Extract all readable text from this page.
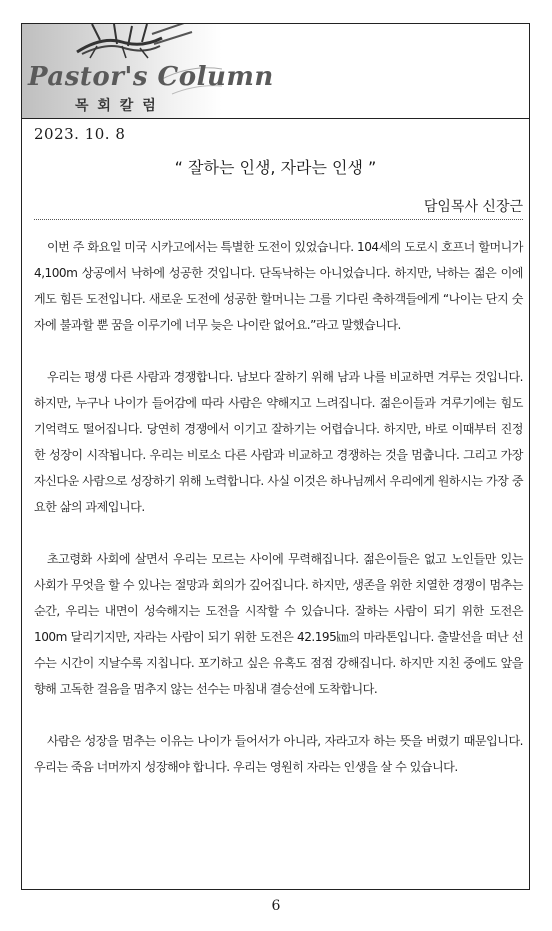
Pastor's Column
목 회 칼 럼
2023. 10. 8
“ 잘하는 인생, 자라는 인생 ”
담임목사 신장근

이번 주 화요일 미국 시카고에서는 특별한 도전이 있었습니다. 104세의 도로시 호프너 할머니가 4,100m 상공에서 낙하에 성공한 것입니다. 단독낙하는 아니었습니다. 하지만, 낙하는 젊은 이에게도 힘든 도전입니다. 새로운 도전에 성공한 할머니는 그를 기다린 축하객들에게 “나이는 단지 숫자에 불과할 뿐 꿈을 이루기에 너무 늦은 나이란 없어요.”라고 말했습니다.

우리는 평생 다른 사람과 경쟁합니다. 남보다 잘하기 위해 남과 나를 비교하면 겨루는 것입니다. 하지만, 누구나 나이가 들어감에 따라 사람은 약해지고 느려집니다. 젊은이들과 겨루기에는 힘도 기억력도 떨어집니다. 당연히 경쟁에서 이기고 잘하기는 어렵습니다. 하지만, 바로 이때부터 진정한 성장이 시작됩니다. 우리는 비로소 다른 사람과 비교하고 경쟁하는 것을 멈춥니다. 그리고 가장 자신다운 사람으로 성장하기 위해 노력합니다. 사실 이것은 하나님께서 우리에게 원하시는 가장 중요한 삶의 과제입니다.

초고령화 사회에 살면서 우리는 모르는 사이에 무력해집니다. 젊은이들은 없고 노인들만 있는 사회가 무엇을 할 수 있나는 절망과 회의가 깊어집니다. 하지만, 생존을 위한 치열한 경쟁이 멈추는 순간, 우리는 내면이 성숙해지는 도전을 시작할 수 있습니다. 잘하는 사람이 되기 위한 도전은 100m 달리기지만, 자라는 사람이 되기 위한 도전은 42.195㎞의 마라톤입니다. 출발선을 떠난 선수는 시간이 지날수록 지칩니다. 포기하고 싶은 유혹도 점점 강해집니다. 하지만 지친 중에도 앞을 향해 고독한 걸음을 멈추지 않는 선수는 마침내 결승선에 도착합니다.

사람은 성장을 멈추는 이유는 나이가 들어서가 아니라, 자라고자 하는 뜻을 버렸기 때문입니다. 우리는 죽음 너머까지 성장해야 합니다. 우리는 영원히 자라는 인생을 살 수 있습니다.

6
